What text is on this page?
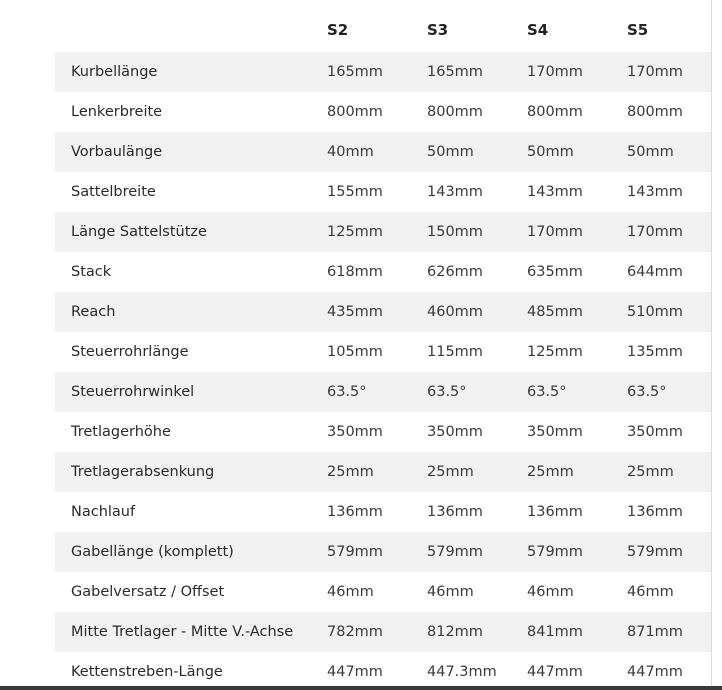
	S2	S3	S4	S5
Kurbellänge	165mm	165mm	170mm	170mm
Lenkerbreite	800mm	800mm	800mm	800mm
Vorbaulänge	40mm	50mm	50mm	50mm
Sattelbreite	155mm	143mm	143mm	143mm
Länge Sattelstütze	125mm	150mm	170mm	170mm
Stack	618mm	626mm	635mm	644mm
Reach	435mm	460mm	485mm	510mm
Steuerrohrlänge	105mm	115mm	125mm	135mm
Steuerrohrwinkel	63.5°	63.5°	63.5°	63.5°
Tretlagerhöhe	350mm	350mm	350mm	350mm
Tretlagerabsenkung	25mm	25mm	25mm	25mm
Nachlauf	136mm	136mm	136mm	136mm
Gabellänge (komplett)	579mm	579mm	579mm	579mm
Gabelversatz / Offset	46mm	46mm	46mm	46mm
Mitte Tretlager - Mitte V.-Achse	782mm	812mm	841mm	871mm
Kettenstreben-Länge	447mm	447.3mm	447mm	447mm
